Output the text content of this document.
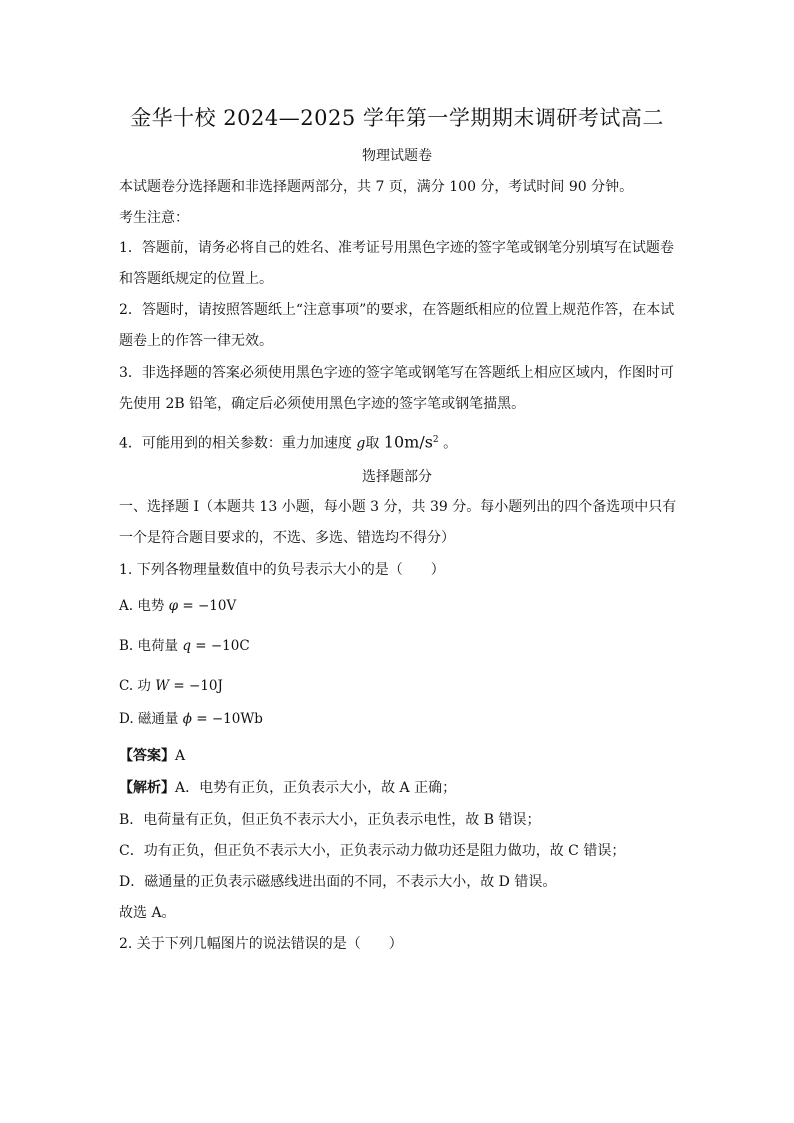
金华十校 2024—2025 学年第一学期期末调研考试高二
物理试题卷
本试题卷分选择题和非选择题两部分，共 7 页，满分 100 分，考试时间 90 分钟。
考生注意：
1．答题前，请务必将自己的姓名、准考证号用黑色字迹的签字笔或钢笔分别填写在试题卷
和答题纸规定的位置上。
2．答题时，请按照答题纸上“注意事项”的要求，在答题纸相应的位置上规范作答，在本试
题卷上的作答一律无效。
3．非选择题的答案必须使用黑色字迹的签字笔或钢笔写在答题纸上相应区域内，作图时可
先使用 2B 铅笔，确定后必须使用黑色字迹的签字笔或钢笔描黑。
4．可能用到的相关参数：重力加速度 g取 $10m/s^2$ 。
选择题部分
一、选择题 I（本题共 13 小题，每小题 3 分，共 39 分。每小题列出的四个备选项中只有
一个是符合题目要求的，不选、多选、错选均不得分）
1. 下列各物理量数值中的负号表示大小的是（　　）
A. 电势 φ = −10V
B. 电荷量 q = −10C
C. 功 W = −10J
D. 磁通量 ϕ = −10Wb
【答案】A
【解析】A．电势有正负，正负表示大小，故 A 正确；
B．电荷量有正负，但正负不表示大小，正负表示电性，故 B 错误；
C．功有正负，但正负不表示大小，正负表示动力做功还是阻力做功，故 C 错误；
D．磁通量的正负表示磁感线进出面的不同，不表示大小，故 D 错误。
故选 A。
2. 关于下列几幅图片的说法错误的是（　　）
